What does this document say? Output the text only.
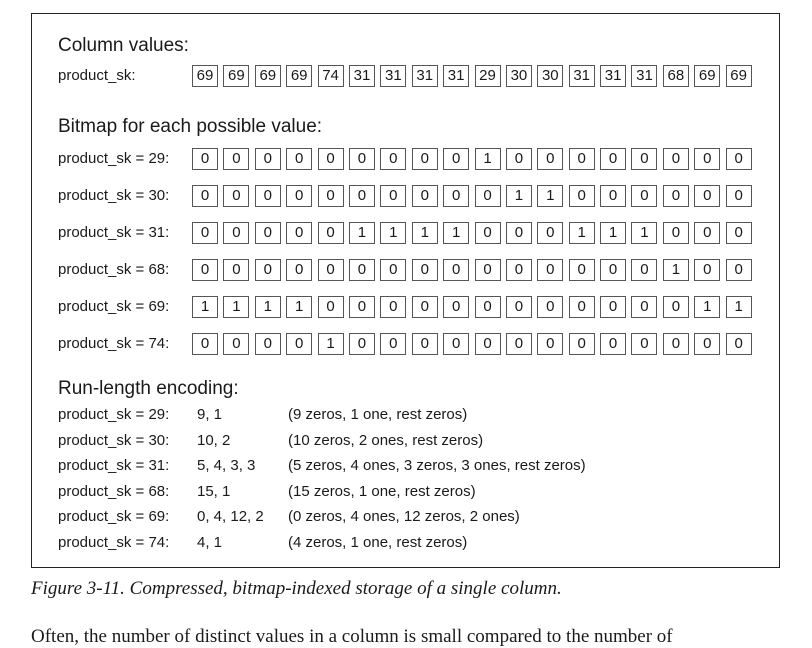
Column values:
product_sk:	69 69 69 69 74 31 31 31 31 29 30 30 31 31 31 68 69 69
Bitmap for each possible value:
product_sk = 29:	0	0	0	0	0	0	0	0	0	1	0	0	0	0	0	0	0	0
product_sk = 30:	0	0	0	0	0	0	0	0	0	0	1	1	0	0	0	0	0	0
product_sk = 31:	0	0	0	0	0	1	1	1	1	0	0	0	1	1	1	0	0	0
product_sk = 68:	0	0	0	0	0	0	0	0	0	0	0	0	0	0	0	1	0	0
product_sk = 69:	1	1	1	1	0	0	0	0	0	0	0	0	0	0	0	0	1	1
product_sk = 74:	0	0	0	0	1	0	0	0	0	0	0	0	0	0	0	0	0	0
Run-length encoding:
product_sk = 29: 9, 1	(9 zeros, 1 one, rest zeros)
product_sk = 30: 10, 2	(10 zeros, 2 ones, rest zeros)
product_sk = 31: 5, 4, 3, 3 (5 zeros, 4 ones, 3 zeros, 3 ones, rest zeros)
product_sk = 68: 15, 1	(15 zeros, 1 one, rest zeros)
product_sk = 69: 0, 4, 12, 2 (0 zeros, 4 ones, 12 zeros, 2 ones)
product_sk = 74: 4, 1	(4 zeros, 1 one, rest zeros)
Figure 3-11. Compressed, bitmap-indexed storage of a single column.
Often, the number of distinct values in a column is small compared to the number of
